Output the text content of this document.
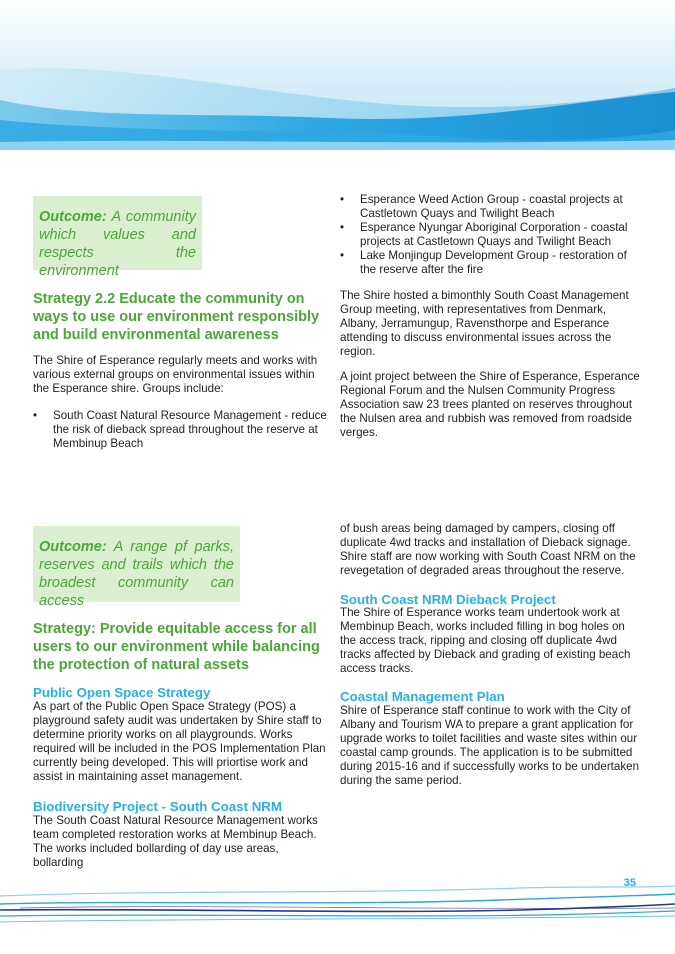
Outcome: A community which values and respects the environment
Strategy 2.2 Educate the community on ways to use our environment responsibly and build environmental awareness

The Shire of Esperance regularly meets and works with various external groups on environmental issues within the Esperance shire. Groups include:

• South Coast Natural Resource Management - reduce the risk of dieback spread throughout the reserve at Membinup Beach
• Esperance Weed Action Group - coastal projects at Castletown Quays and Twilight Beach
• Esperance Nyungar Aboriginal Corporation - coastal projects at Castletown Quays and Twilight Beach
• Lake Monjingup Development Group - restoration of the reserve after the fire

The Shire hosted a bimonthly South Coast Management Group meeting, with representatives from Denmark, Albany, Jerramungup, Ravensthorpe and Esperance attending to discuss environmental issues across the region.

A joint project between the Shire of Esperance, Esperance Regional Forum and the Nulsen Community Progress Association saw 23 trees planted on reserves throughout the Nulsen area and rubbish was removed from roadside verges.

Outcome: A range pf parks, reserves and trails which the broadest community can access
Strategy: Provide equitable access for all users to our environment while balancing the protection of natural assets
Public Open Space Strategy

As part of the Public Open Space Strategy (POS) a playground safety audit was undertaken by Shire staff to determine priority works on all playgrounds. Works required will be included in the POS Implementation Plan currently being developed. This will priortise work and assist in maintaining asset management.

Biodiversity Project - South Coast NRM

The South Coast Natural Resource Management works team completed restoration works at Membinup Beach. The works included bollarding of day use areas, bollarding

of bush areas being damaged by campers, closing off duplicate 4wd tracks and installation of Dieback signage. Shire staff are now working with South Coast NRM on the revegetation of degraded areas throughout the reserve.

South Coast NRM Dieback Project

The Shire of Esperance works team undertook work at Membinup Beach, works included filling in bog holes on the access track, ripping and closing off duplicate 4wd tracks affected by Dieback and grading of existing beach access tracks.

Coastal Management Plan

Shire of Esperance staff continue to work with the City of Albany and Tourism WA to prepare a grant application for upgrade works to toilet facilities and waste sites within our coastal camp grounds. The application is to be submitted during 2015-16 and if successfully works to be undertaken during the same period.

35
